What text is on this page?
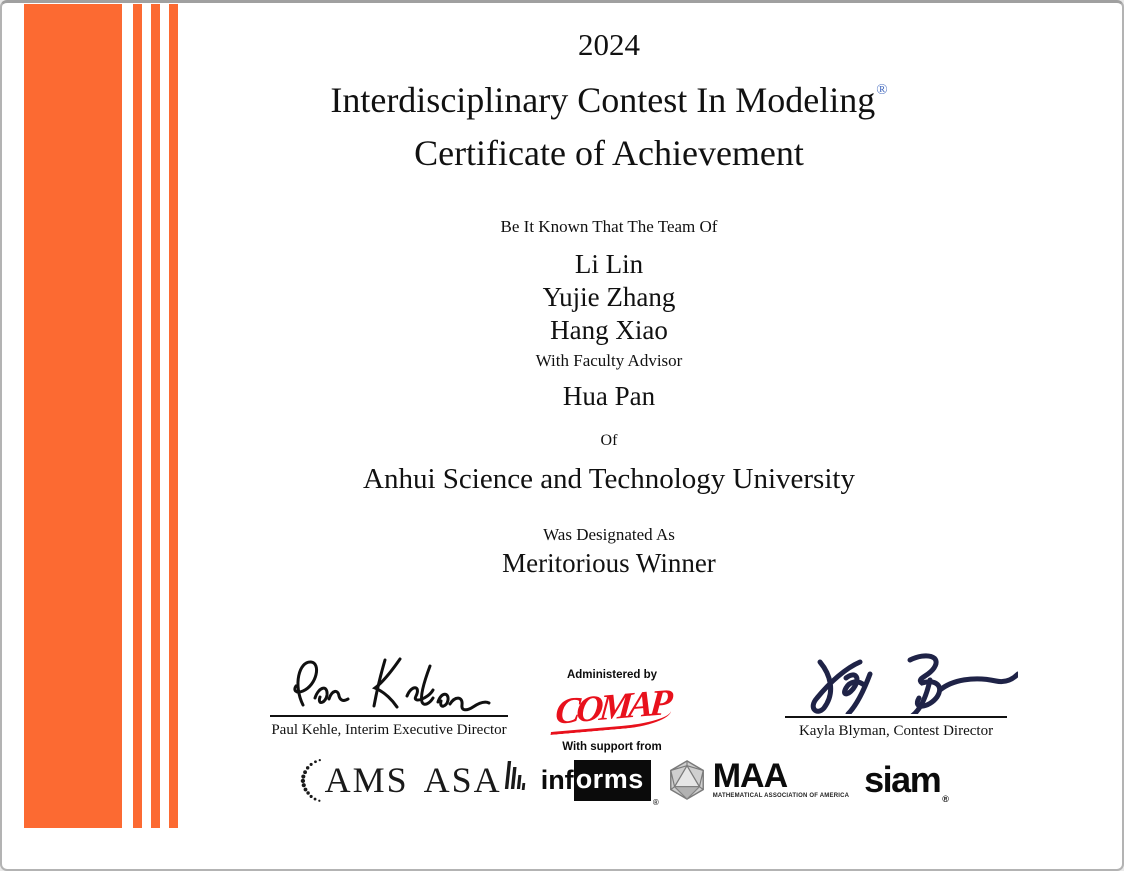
2024
Interdisciplinary Contest In Modeling®
Certificate of Achievement
Be It Known That The Team Of
Li Lin
Yujie Zhang
Hang Xiao
With Faculty Advisor
Hua Pan
Of
Anhui Science and Technology University
Was Designated As
Meritorious Winner
Paul Kehle, Interim Executive Director
Administered by
COMAP
With support from
Kayla Blyman, Contest Director
AMS ASA inf orms
®
MAA
MATHEMATICAL ASSOCIATION OF AMERICA siam $_®$
